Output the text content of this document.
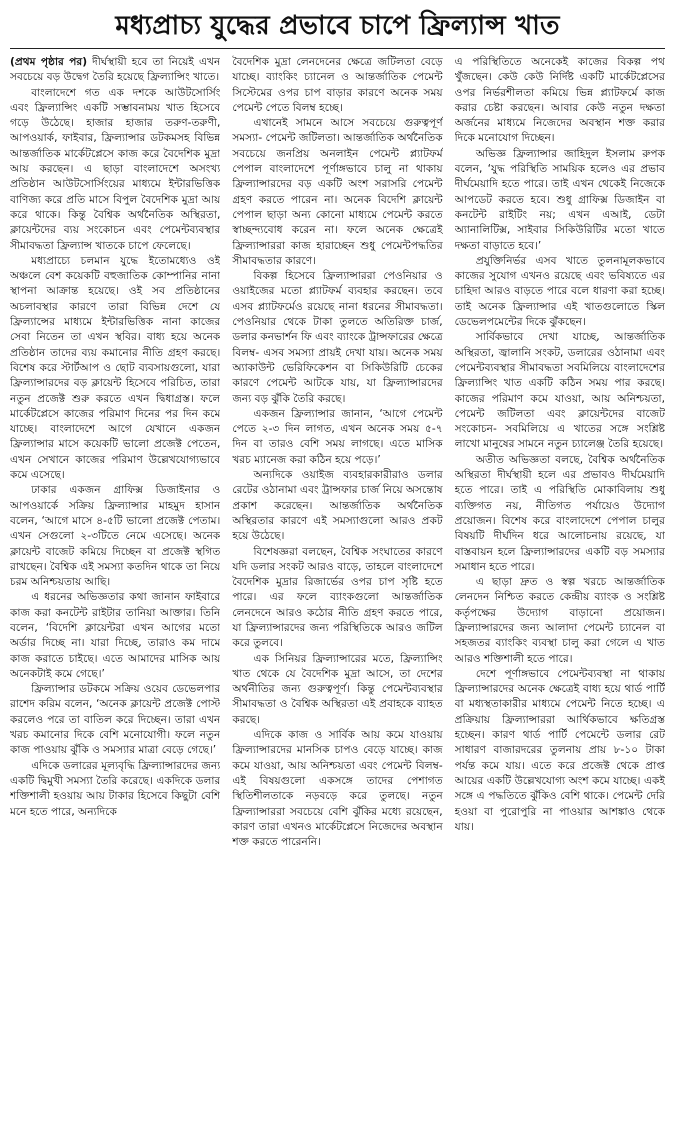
মধ্যপ্রাচ্য যুদ্ধের প্রভাবে চাপে ফ্রিল্যান্স খাত

(প্রথম পৃষ্ঠার পর) দীর্ঘস্থায়ী হবে তা নিয়েই এখন সবচেয়ে বড় উদ্বেগ তৈরি হয়েছে ফ্রিল্যান্সিং খাতে।

বাংলাদেশে গত এক দশকে আউটসোর্সিং এবং ফ্রিল্যান্সিং একটি সম্ভাবনাময় খাত হিসেবে গড়ে উঠেছে। হাজার হাজার তরুণ-তরুণী, আপওয়ার্ক, ফাইবার, ফ্রিল্যান্সার ডটকমসহ বিভিন্ন আন্তর্জাতিক মার্কেটপ্লেসে কাজ করে বৈদেশিক মুদ্রা আয় করছেন। এ ছাড়া বাংলাদেশে অসংখ্য প্রতিষ্ঠান আউটসোর্সিংয়ের মাধ্যমে ইন্টারভিত্তিক বাণিজ্য করে প্রতি মাসে বিপুল বৈদেশিক মুদ্রা আয় করে থাকে। কিন্তু বৈশ্বিক অর্থনৈতিক অস্থিরতা, ক্লায়েন্টদের ব্যয় সংকোচন এবং পেমেন্টব্যবস্থার সীমাবদ্ধতা ফ্রিল্যান্স খাতকে চাপে ফেলেছে।

মধ্যপ্রাচ্যে চলমান যুদ্ধে ইতোমধ্যেও ওই অঞ্চলে বেশ কয়েকটি বহুজাতিক কোম্পানির নানা স্থাপনা আক্রান্ত হয়েছে। ওই সব প্রতিষ্ঠানের অচলাবস্থার কারণে তারা বিভিন্ন দেশে যে ফ্রিল্যান্সের মাধ্যমে ইন্টারভিত্তিক নানা কাজের সেবা নিতেন তা এখন স্থবির। বাধ্য হয়ে অনেক প্রতিষ্ঠান তাদের ব্যয় কমানোর নীতি গ্রহণ করছে। বিশেষ করে স্টার্টআপ ও ছোট ব্যবসায়গুলো, যারা ফ্রিল্যান্সারদের বড় ক্লায়েন্ট হিসেবে পরিচিত, তারা নতুন প্রজেক্ট শুরু করতে এখন দ্বিধাগ্রস্ত। ফলে মার্কেটপ্লেসে কাজের পরিমাণ দিনের পর দিন কমে যাচ্ছে। বাংলাদেশে আগে যেখানে একজন ফ্রিল্যান্সার মাসে কয়েকটি ভালো প্রজেক্ট পেতেন, এখন সেখানে কাজের পরিমাণ উল্লেখযোগ্যভাবে কমে এসেছে।

ঢাকার একজন গ্রাফিক্স ডিজাইনার ও আপওয়ার্কে সক্রিয় ফ্রিল্যান্সার মাহমুদ হাসান বলেন, ‘আগে মাসে ৪-৫টি ভালো প্রজেক্ট পেতাম। এখন সেগুলো ২-৩টিতে নেমে এসেছে। অনেক ক্লায়েন্ট বাজেট কমিয়ে দিচ্ছেন বা প্রজেক্ট স্থগিত রাখছেন। বৈশ্বিক এই সমস্যা কতদিন থাকে তা নিয়ে চরম অনিশ্চয়তায় আছি।

এ ধরনের অভিজ্ঞতার কথা জানান ফাইবারে কাজ করা কনটেন্ট রাইটার তানিয়া আক্তার। তিনি বলেন, ‘বিদেশি ক্লায়েন্টরা এখন আগের মতো অর্ডার দিচ্ছে না। যারা দিচ্ছে, তারাও কম দামে কাজ করাতে চাইছে। এতে আমাদের মাসিক আয় অনেকটাই কমে গেছে।’

ফ্রিল্যান্সার ডটকমে সক্রিয় ওয়েব ডেভেলপার রাশেদ করিম বলেন, ‘অনেক ক্লায়েন্ট প্রজেক্ট পোস্ট করলেও পরে তা বাতিল করে দিচ্ছেন। তারা এখন খরচ কমানোর দিকে বেশি মনোযোগী। ফলে নতুন কাজ পাওয়ায় ঝুঁকি ও সমস্যার মাত্রা বেড়ে গেছে।’

এদিকে ডলারের মূল্যবৃদ্ধি ফ্রিল্যান্সারদের জন্য একটি দ্বিমুখী সমস্যা তৈরি করেছে। একদিকে ডলার শক্তিশালী হওয়ায় আয় টাকার হিসেবে কিছুটা বেশি মনে হতে পারে, অন্যদিকে

বৈদেশিক মুদ্রা লেনদেনের ক্ষেত্রে জটিলতা বেড়ে যাচ্ছে। ব্যাংকিং চ্যানেল ও আন্তর্জাতিক পেমেন্ট সিস্টেমের ওপর চাপ বাড়ার কারণে অনেক সময় পেমেন্ট পেতে বিলম্ব হচ্ছে।

এখানেই সামনে আসে সবচেয়ে গুরুত্বপূর্ণ সমস্যা- পেমেন্ট জটিলতা। আন্তর্জাতিক অর্থনৈতিক সবচেয়ে জনপ্রিয় অনলাইন পেমেন্ট প্ল্যাটফর্ম পেপাল বাংলাদেশে পূর্ণাঙ্গভাবে চালু না থাকায় ফ্রিল্যান্সারদের বড় একটি অংশ সরাসরি পেমেন্ট গ্রহণ করতে পারেন না। অনেক বিদেশি ক্লায়েন্ট পেপাল ছাড়া অন্য কোনো মাধ্যমে পেমেন্ট করতে স্বাচ্ছন্দ্যবোধ করেন না। ফলে অনেক ক্ষেত্রেই ফ্রিল্যান্সাররা কাজ হারাচ্ছেন শুধু পেমেন্টপদ্ধতির সীমাবদ্ধতার কারণে।

বিকল্প হিসেবে ফ্রিল্যান্সাররা পেওনিয়ার ও ওয়াইজের মতো প্ল্যাটফর্ম ব্যবহার করছেন। তবে এসব প্ল্যাটফর্মেও রয়েছে নানা ধরনের সীমাবদ্ধতা। পেওনিয়ার থেকে টাকা তুলতে অতিরিক্ত চার্জ, ডলার কনভার্শন ফি এবং ব্যাংকে ট্রান্সফারের ক্ষেত্রে বিলম্ব- এসব সমস্যা প্রায়ই দেখা যায়। অনেক সময় অ্যাকাউন্ট ভেরিফিকেশন বা সিকিউরিটি চেকের কারণে পেমেন্ট আটকে যায়, যা ফ্রিল্যান্সারদের জন্য বড় ঝুঁকি তৈরি করছে।

একজন ফ্রিল্যান্সার জানান, ‘আগে পেমেন্ট পেতে ২-৩ দিন লাগত, এখন অনেক সময় ৫-৭ দিন বা তারও বেশি সময় লাগছে। এতে মাসিক খরচ ম্যানেজ করা কঠিন হয়ে পড়ে।’

অন্যদিকে ওয়াইজ ব্যবহারকারীরাও ডলার রেটের ওঠানামা এবং ট্রান্সফার চার্জ নিয়ে অসন্তোষ প্রকাশ করেছেন। আন্তর্জাতিক অর্থনৈতিক অস্থিরতার কারণে এই সমস্যাগুলো আরও প্রকট হয়ে উঠেছে।

বিশেষজ্ঞরা বলছেন, বৈশ্বিক সংঘাতের কারণে যদি ডলার সংকট আরও বাড়ে, তাহলে বাংলাদেশে বৈদেশিক মুদ্রার রিজার্ভের ওপর চাপ সৃষ্টি হতে পারে। এর ফলে ব্যাংকগুলো আন্তর্জাতিক লেনদেনে আরও কঠোর নীতি গ্রহণ করতে পারে, যা ফ্রিল্যান্সারদের জন্য পরিস্থিতিকে আরও জটিল করে তুলবে।

এক সিনিয়র ফ্রিল্যান্সারের মতে, ফ্রিল্যান্সিং খাত থেকে যে বৈদেশিক মুদ্রা আসে, তা দেশের অর্থনীতির জন্য গুরুত্বপূর্ণ। কিন্তু পেমেন্টব্যবস্থার সীমাবদ্ধতা ও বৈশ্বিক অস্থিরতা এই প্রবাহকে ব্যাহত করছে।

এদিকে কাজ ও সার্বিক আয় কমে যাওয়ায় ফ্রিল্যান্সারদের মানসিক চাপও বেড়ে যাচ্ছে। কাজ কমে যাওয়া, আয় অনিশ্চয়তা এবং পেমেন্ট বিলম্ব- এই বিষয়গুলো একসঙ্গে তাদের পেশাগত স্থিতিশীলতাকে নড়বড়ে করে তুলছে। নতুন ফ্রিল্যান্সাররা সবচেয়ে বেশি ঝুঁকির মধ্যে রয়েছেন, কারণ তারা এখনও মার্কেটপ্লেসে নিজেদের অবস্থান শক্ত করতে পারেননি।

এ পরিস্থিতিতে অনেকেই কাজের বিকল্প পথ খুঁজছেন। কেউ কেউ নির্দিষ্ট একটি মার্কেটপ্লেসের ওপর নির্ভরশীলতা কমিয়ে ভিন্ন প্ল্যাটফর্মে কাজ করার চেষ্টা করছেন। আবার কেউ নতুন দক্ষতা অর্জনের মাধ্যমে নিজেদের অবস্থান শক্ত করার দিকে মনোযোগ দিচ্ছেন।

অভিজ্ঞ ফ্রিল্যান্সার জাহিদুল ইসলাম রুপক বলেন, ‘যুদ্ধ পরিস্থিতি সাময়িক হলেও এর প্রভাব দীর্ঘমেয়াদি হতে পারে। তাই এখন থেকেই নিজেকে আপডেট করতে হবে। শুধু গ্রাফিক্স ডিজাইন বা কনটেন্ট রাইটিং নয়; এখন এআই, ডেটা অ্যানালিটিক্স, সাইবার সিকিউরিটির মতো খাতে দক্ষতা বাড়াতে হবে।’

প্রযুক্তিনির্ভর এসব খাতে তুলনামূলকভাবে কাজের সুযোগ এখনও রয়েছে এবং ভবিষ্যতে এর চাহিদা আরও বাড়তে পারে বলে ধারণা করা হচ্ছে। তাই অনেক ফ্রিল্যান্সার এই খাতগুলোতে স্কিল ডেভেলপমেন্টের দিকে ঝুঁকছেন।

সার্বিকভাবে দেখা যাচ্ছে, আন্তর্জাতিক অস্থিরতা, জ্বালানি সংকট, ডলারের ওঠানামা এবং পেমেন্টব্যবস্থার সীমাবদ্ধতা সবমিলিয়ে বাংলাদেশের ফ্রিল্যান্সিং খাত একটি কঠিন সময় পার করছে। কাজের পরিমাণ কমে যাওয়া, আয় অনিশ্চয়তা, পেমেন্ট জটিলতা এবং ক্লায়েন্টদের বাজেট সংকোচন- সবমিলিয়ে এ খাতের সঙ্গে সংশ্লিষ্ট লাখো মানুষের সামনে নতুন চ্যালেঞ্জ তৈরি হয়েছে।

অতীত অভিজ্ঞতা বলছে, বৈশ্বিক অর্থনৈতিক অস্থিরতা দীর্ঘস্থায়ী হলে এর প্রভাবও দীর্ঘমেয়াদি হতে পারে। তাই এ পরিস্থিতি মোকাবিলায় শুধু ব্যক্তিগত নয়, নীতিগত পর্যায়েও উদ্যোগ প্রয়োজন। বিশেষ করে বাংলাদেশে পেপাল চালুর বিষয়টি দীর্ঘদিন ধরে আলোচনায় রয়েছে, যা বাস্তবায়ন হলে ফ্রিল্যান্সারদের একটি বড় সমস্যার সমাধান হতে পারে।

এ ছাড়া দ্রুত ও স্বল্প খরচে আন্তর্জাতিক লেনদেন নিশ্চিত করতে কেন্দ্রীয় ব্যাংক ও সংশ্লিষ্ট কর্তৃপক্ষের উদ্যোগ বাড়ানো প্রয়োজন। ফ্রিল্যান্সারদের জন্য আলাদা পেমেন্ট চ্যানেল বা সহজতর ব্যাংকিং ব্যবস্থা চালু করা গেলে এ খাত আরও শক্তিশালী হতে পারে।

দেশে পূর্ণাঙ্গভাবে পেমেন্টব্যবস্থা না থাকায় ফ্রিল্যান্সারদের অনেক ক্ষেত্রেই বাধ্য হয়ে থার্ড পার্টি বা মধ্যস্থতাকারীর মাধ্যমে পেমেন্ট নিতে হচ্ছে। এ প্রক্রিয়ায় ফ্রিল্যান্সাররা আর্থিকভাবে ক্ষতিগ্রস্ত হচ্ছেন। কারণ থার্ড পার্টি পেমেন্টে ডলার রেট সাধারণ বাজারদরের তুলনায় প্রায় ৮-১০ টাকা পর্যন্ত কমে যায়। এতে করে প্রজেক্ট থেকে প্রাপ্ত আয়ের একটি উল্লেখযোগ্য অংশ কমে যাচ্ছে। একই সঙ্গে এ পদ্ধতিতে ঝুঁকিও বেশি থাকে। পেমেন্ট দেরি হওয়া বা পুরোপুরি না পাওয়ার আশঙ্কাও থেকে যায়।
